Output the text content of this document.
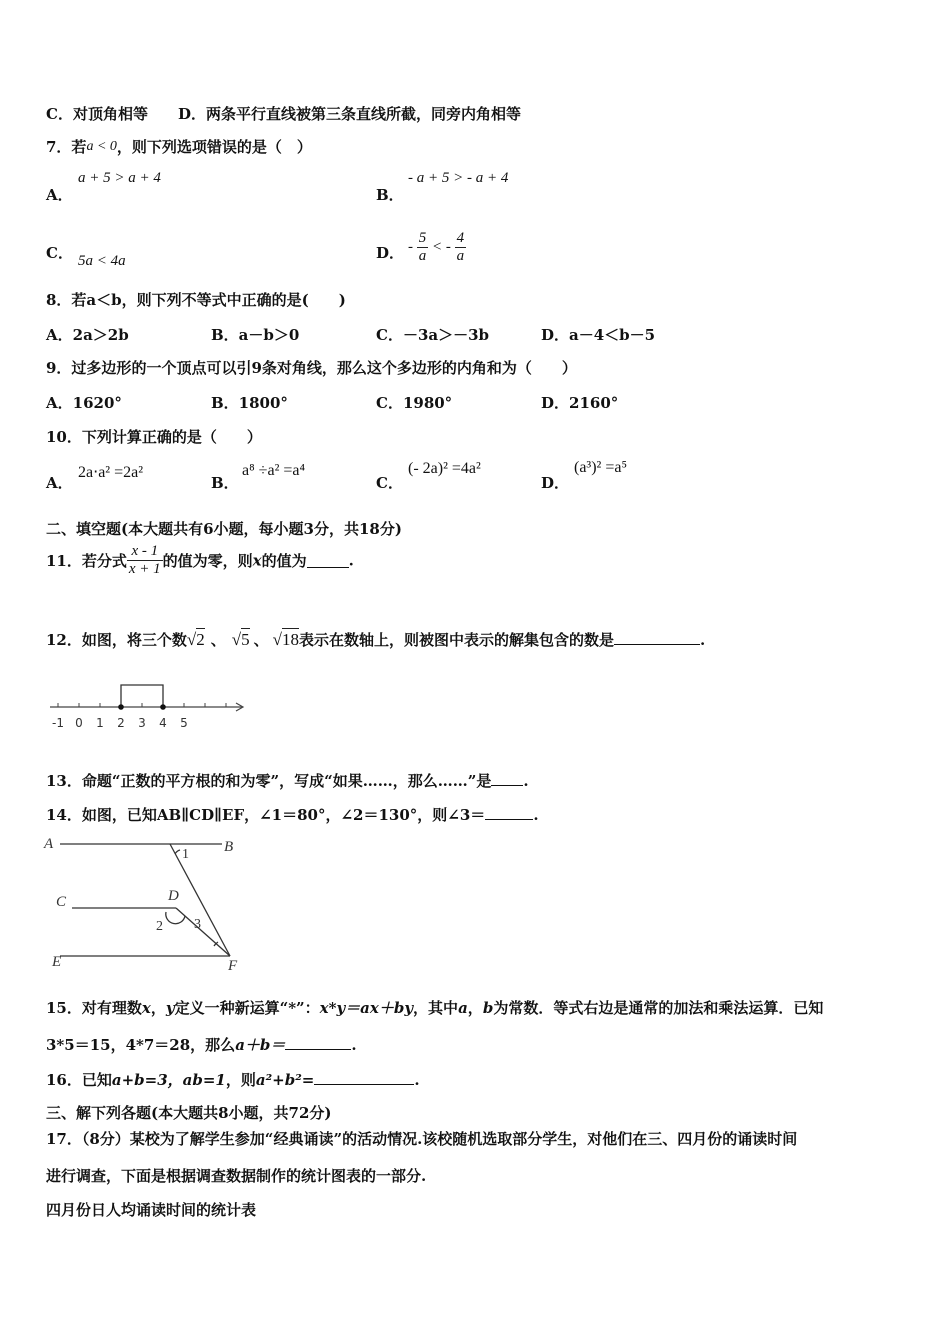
C．对顶角相等 D．两条平行直线被第三条直线所截，同旁内角相等
7．若a < 0，则下列选项错误的是（　）
A．
a + 5 > a + 4
B．
- a + 5 > - a + 4
C． 5a < 4a	D． - $\frac{5}{a}$ < - $\frac{4}{a}$
8．若a＜b，则下列不等式中正确的是(　　)
A．2a＞2b	B．a－b＞0	C．－3a＞－3b	D．a－4＜b－5
9．过多边形的一个顶点可以引9条对角线，那么这个多边形的内角和为（　　）
A．1620°	B．1800°	C．1980°	D．2160°
10．下列计算正确的是（　　）
A．
2a⋅a² =2a²
B．
a⁸ ÷a² =a⁴
C．
(- 2a)² =4a²
D．
(a³)² =a⁵
二、填空题(本大题共有6小题，每小题3分，共18分)
11．若分式 $\frac{x - 1}{x + 1}$ 的值为零，则x的值为	.
12．如图，将三个数√2 、 √5 、 √18表示在数轴上，则被图中表示的解集包含的数是	.
-1 0 1 2 3 4 5
13．命题“正数的平方根的和为零”，写成“如果……，那么……”是 .
14．如图，已知AB∥CD∥EF，∠1＝80°，∠2＝130°，则∠3＝	.
A	B
C	D
E	F
1
2 3
15．对有理数x，y定义一种新运算“*”：x*y＝ax＋by，其中a，b为常数．等式右边是通常的加法和乘法运算．已知
3*5＝15，4*7＝28，那么a＋b＝	.
16．已知a+b=3，ab=1，则a²+b²=	.
三、解下列各题(本大题共8小题，共72分)
17．（8分）某校为了解学生参加“经典诵读”的活动情况.该校随机选取部分学生，对他们在三、四月份的诵读时间
进行调查，下面是根据调查数据制作的统计图表的一部分.
四月份日人均诵读时间的统计表
